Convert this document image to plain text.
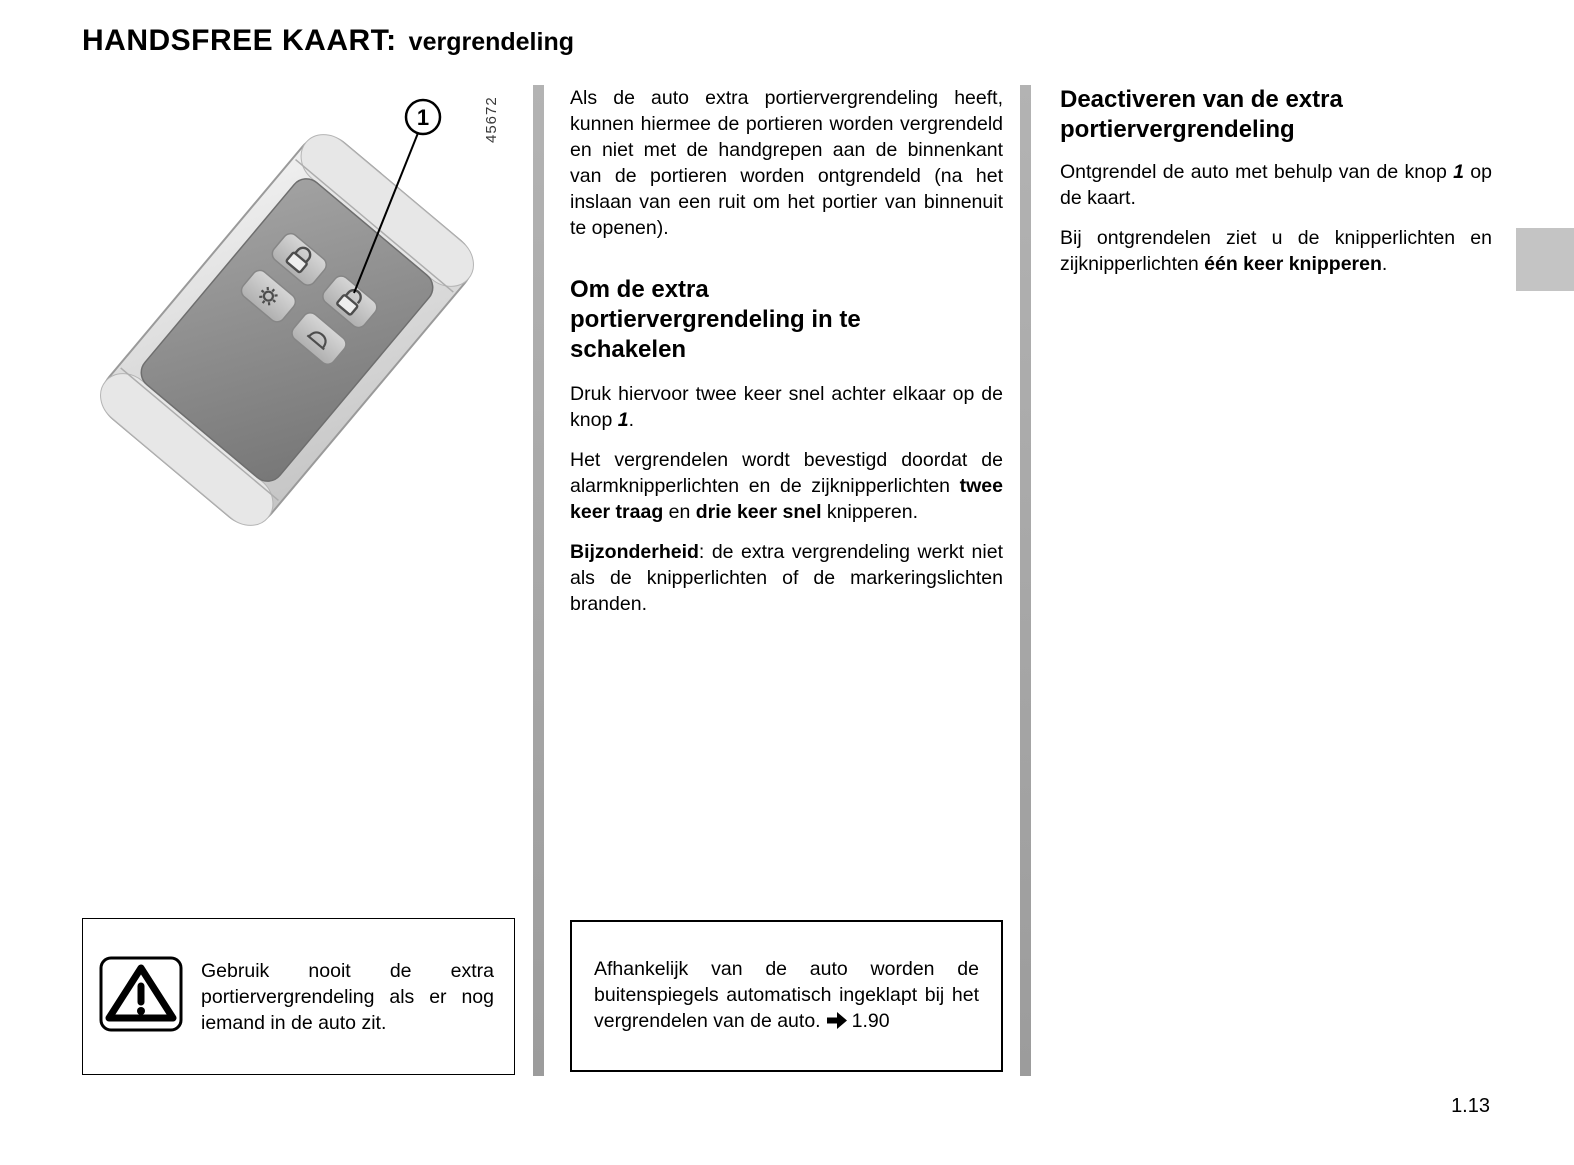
HANDSFREE KAART: vergrendeling
1	45672	Als de auto extra portiervergrendeling heeft, kunnen hiermee de portieren worden vergrendeld en niet met de handgrepen aan de binnenkant van de portieren worden ontgrendeld (na het inslaan van een ruit om het portier van binnenuit te openen).

Om de extra portiervergrendeling in te schakelen

Druk hiervoor twee keer snel achter elkaar op de knop 1.

Het vergrendelen wordt bevestigd doordat de alarmknipperlichten en de zijknipperlichten twee keer traag en drie keer snel knipperen.

Bijzonderheid: de extra vergrendeling werkt niet als de knipperlichten of de markeringslichten branden.

Deactiveren van de extra portiervergrendeling

Ontgrendel de auto met behulp van de knop 1 op de kaart.

Bij ontgrendelen ziet u de knipperlichten en zijknipperlichten één keer knipperen.

Gebruik nooit de extra portiervergrendeling als er nog iemand in de auto zit.
Afhankelijk van de auto worden de buitenspiegels automatisch ingeklapt bij het vergrendelen van de auto. 1.90
1.13
